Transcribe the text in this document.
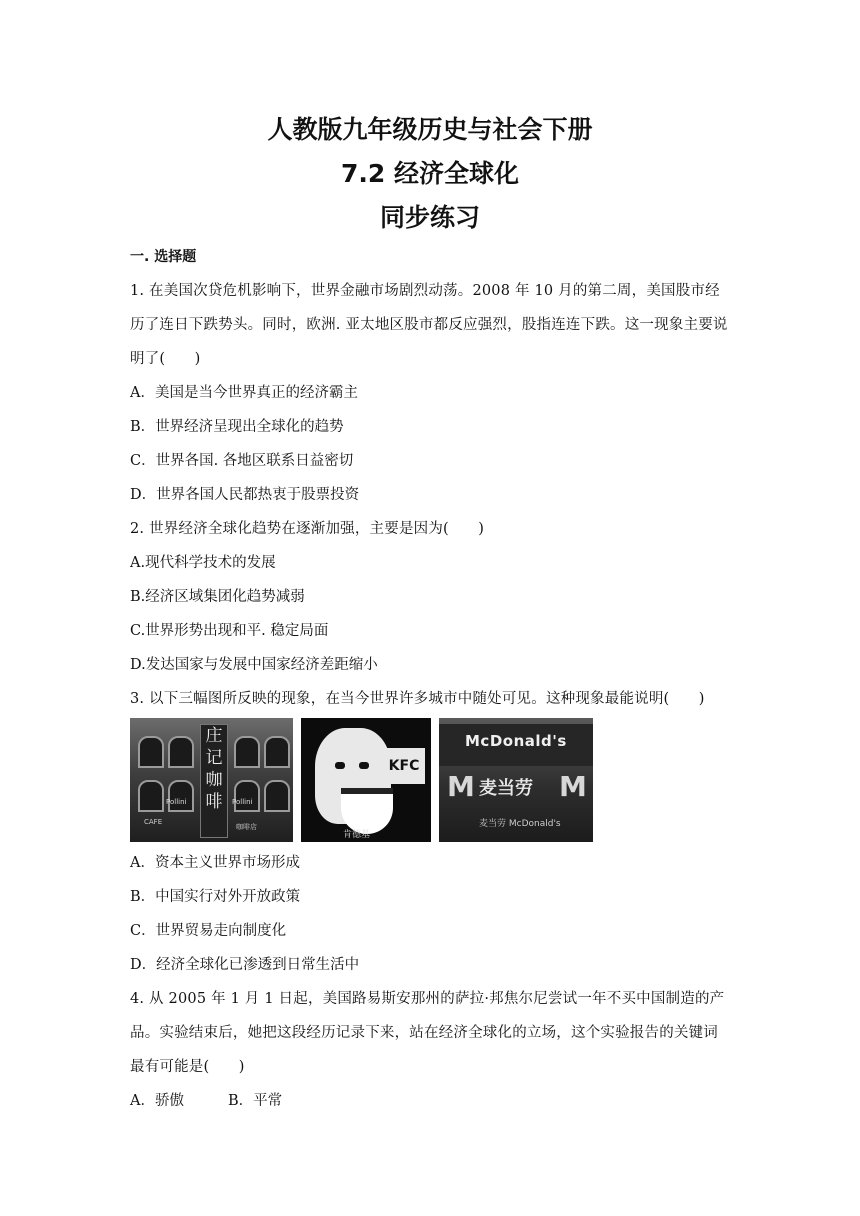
人教版九年级历史与社会下册
7.2 经济全球化
同步练习
一. 选择题
1. 在美国次贷危机影响下，世界金融市场剧烈动荡。2008 年 10 月的第二周，美国股市经历了连日下跌势头。同时，欧洲. 亚太地区股市都反应强烈，股指连连下跌。这一现象主要说明了(　　)
A．美国是当今世界真正的经济霸主
B．世界经济呈现出全球化的趋势
C．世界各国. 各地区联系日益密切
D．世界各国人民都热衷于股票投资
2. 世界经济全球化趋势在逐渐加强，主要是因为(　　)
A.现代科学技术的发展
B.经济区域集团化趋势减弱
C.世界形势出现和平. 稳定局面
D.发达国家与发展中国家经济差距缩小
3. 以下三幅图所反映的现象，在当今世界许多城市中随处可见。这种现象最能说明(　　)
庄记咖啡
Pollini	Pollini
CAFE
咖啡店
KFC
肯德基
McDonald's
M 麦当劳 M
麦当劳 McDonald's
A．资本主义世界市场形成
B．中国实行对外开放政策
C．世界贸易走向制度化
D．经济全球化已渗透到日常生活中
4. 从 2005 年 1 月 1 日起，美国路易斯安那州的萨拉·邦焦尔尼尝试一年不买中国制造的产品。实验结束后，她把这段经历记录下来，站在经济全球化的立场，这个实验报告的关键词最有可能是(　　)
A．骄傲	B．平常
